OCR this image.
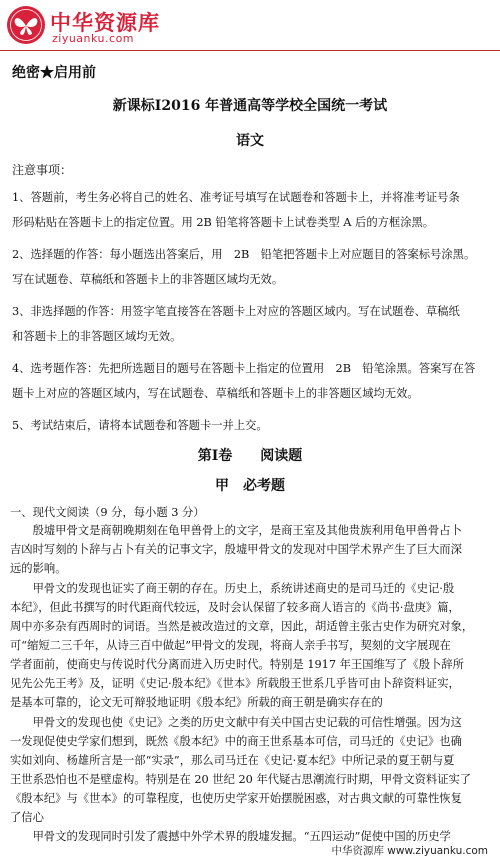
中华资源库
ziyuanku.com
绝密★启用前
新课标Ⅰ2016 年普通高等学校全国统一考试
语文
注意事项：
1、答题前，考生务必将自己的姓名、准考证号填写在试题卷和答题卡上，并将准考证号条
形码粘贴在答题卡上的指定位置。用 2B 铅笔将答题卡上试卷类型 A 后的方框涂黑。
2、选择题的作答：每小题选出答案后，用　2B　铅笔把答题卡上对应题目的答案标号涂黑。
写在试题卷、草稿纸和答题卡上的非答题区域均无效。
3、非选择题的作答：用签字笔直接答在答题卡上对应的答题区域内。写在试题卷、草稿纸
和答题卡上的非答题区域均无效。
4、选考题作答：先把所选题目的题号在答题卡上指定的位置用　2B　铅笔涂黑。答案写在答
题卡上对应的答题区域内，写在试题卷、草稿纸和答题卡上的非答题区域均无效。
5、考试结束后，请将本试题卷和答题卡一并上交。
第Ⅰ卷　　阅读题
甲　必考题
一、现代文阅读（9 分，每小题 3 分）
　　殷墟甲骨文是商朝晚期刻在龟甲兽骨上的文字，是商王室及其他贵族利用龟甲兽骨占卜
吉凶时写刻的卜辞与占卜有关的记事文字，殷墟甲骨文的发现对中国学术界产生了巨大而深
远的影响。
　　甲骨文的发现也证实了商王朝的存在。历史上，系统讲述商史的是司马迁的《史记·殷
本纪》，但此书撰写的时代距商代较远，及时会认保留了较多商人语言的《尚书·盘庚》篇，
周中亦多杂有西周时的词语。当然是被改造过的文章，因此，胡适曾主张古史作为研究对象，
可“缩短二三千年，从诗三百中做起”甲骨文的发现，将商人亲手书写，契刻的文字展现在
学者面前，使商史与传说时代分离而进入历史时代。特别是 1917 年王国维写了《殷卜辞所
见先公先王考》及，证明《史记·殷本纪》《世本》所载殷王世系几乎皆可由卜辞资料证实，
是基本可靠的，论文无可辩驳地证明《殷本纪》所载的商王朝是确实存在的
　　甲骨文的发现也使《史记》之类的历史文献中有关中国古史记载的可信性增强。因为这
一发现促使史学家们想到，既然《殷本纪》中的商王世系基本可信，司马迁的《史记》也确
实如刘向、杨雄所言是一部“实录”，那么司马迁在《史记·夏本纪》中所记录的夏王朝与夏
王世系恐怕也不是壁虚构。特别是在 20 世纪 20 年代疑古思潮流行时期，甲骨文资料证实了
《殷本纪》与《世本》的可靠程度，也使历史学家开始摆脱困惑，对古典文献的可靠性恢复
了信心
　　甲骨文的发现同时引发了震撼中外学术界的殷墟发掘。“五四运动”促使中国的历史学
中华资源库 www.ziyuanku.com
